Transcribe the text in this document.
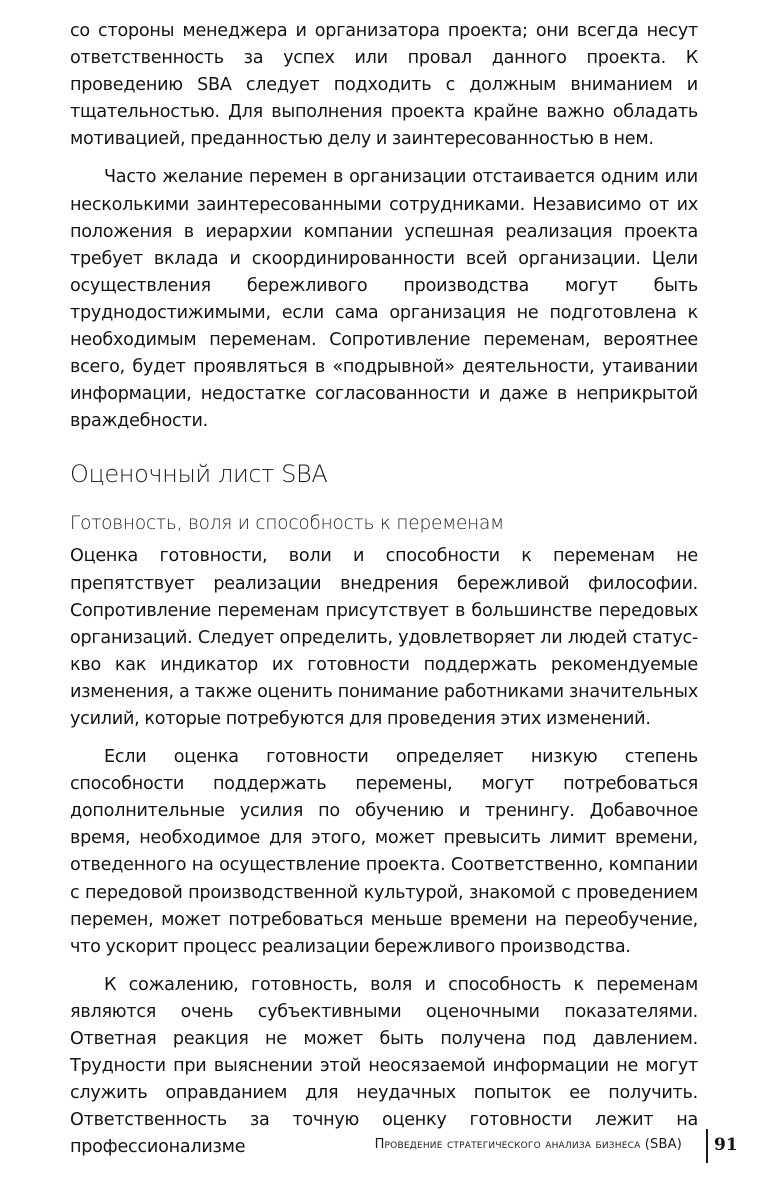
со стороны менеджера и организатора проекта; они всегда несут ответственность за успех или провал данного проекта. К проведению SBA следует подходить с должным вниманием и тщательностью. Для выполнения проекта крайне важно обладать мотивацией, преданностью делу и заинтересованностью в нем.

Часто желание перемен в организации отстаивается одним или несколькими заинтересованными сотрудниками. Независимо от их положения в иерархии компании успешная реализация проекта требует вклада и скоординированности всей организации. Цели осуществления бережливого производства могут быть труднодостижимыми, если сама организация не подготовлена к необходимым переменам. Сопротивление переменам, вероятнее всего, будет проявляться в «подрывной» деятельности, утаивании информации, недостатке согласованности и даже в неприкрытой враждебности.

Оценочный лист SBA
Готовность, воля и способность к переменам

Оценка готовности, воли и способности к переменам не препятствует реализации внедрения бережливой философии. Сопротивление переменам присутствует в большинстве передовых организаций. Следует определить, удовлетворяет ли людей статус-кво как индикатор их готовности поддержать рекомендуемые изменения, а также оценить понимание работниками значительных усилий, которые потребуются для проведения этих изменений.

Если оценка готовности определяет низкую степень способности поддержать перемены, могут потребоваться дополнительные усилия по обучению и тренингу. Добавочное время, необходимое для этого, может превысить лимит времени, отведенного на осуществление проекта. Соответственно, компании с передовой производственной культурой, знакомой с проведением перемен, может потребоваться меньше времени на переобучение, что ускорит процесс реализации бережливого производства.

К сожалению, готовность, воля и способность к переменам являются очень субъективными оценочными показателями. Ответная реакция не может быть получена под давлением. Трудности при выяснении этой неосязаемой информации не могут служить оправданием для неудачных попыток ее получить. Ответственность за точную оценку готовности лежит на профессионализме	Проведение стратегического анализа бизнеса (SBA) 91
